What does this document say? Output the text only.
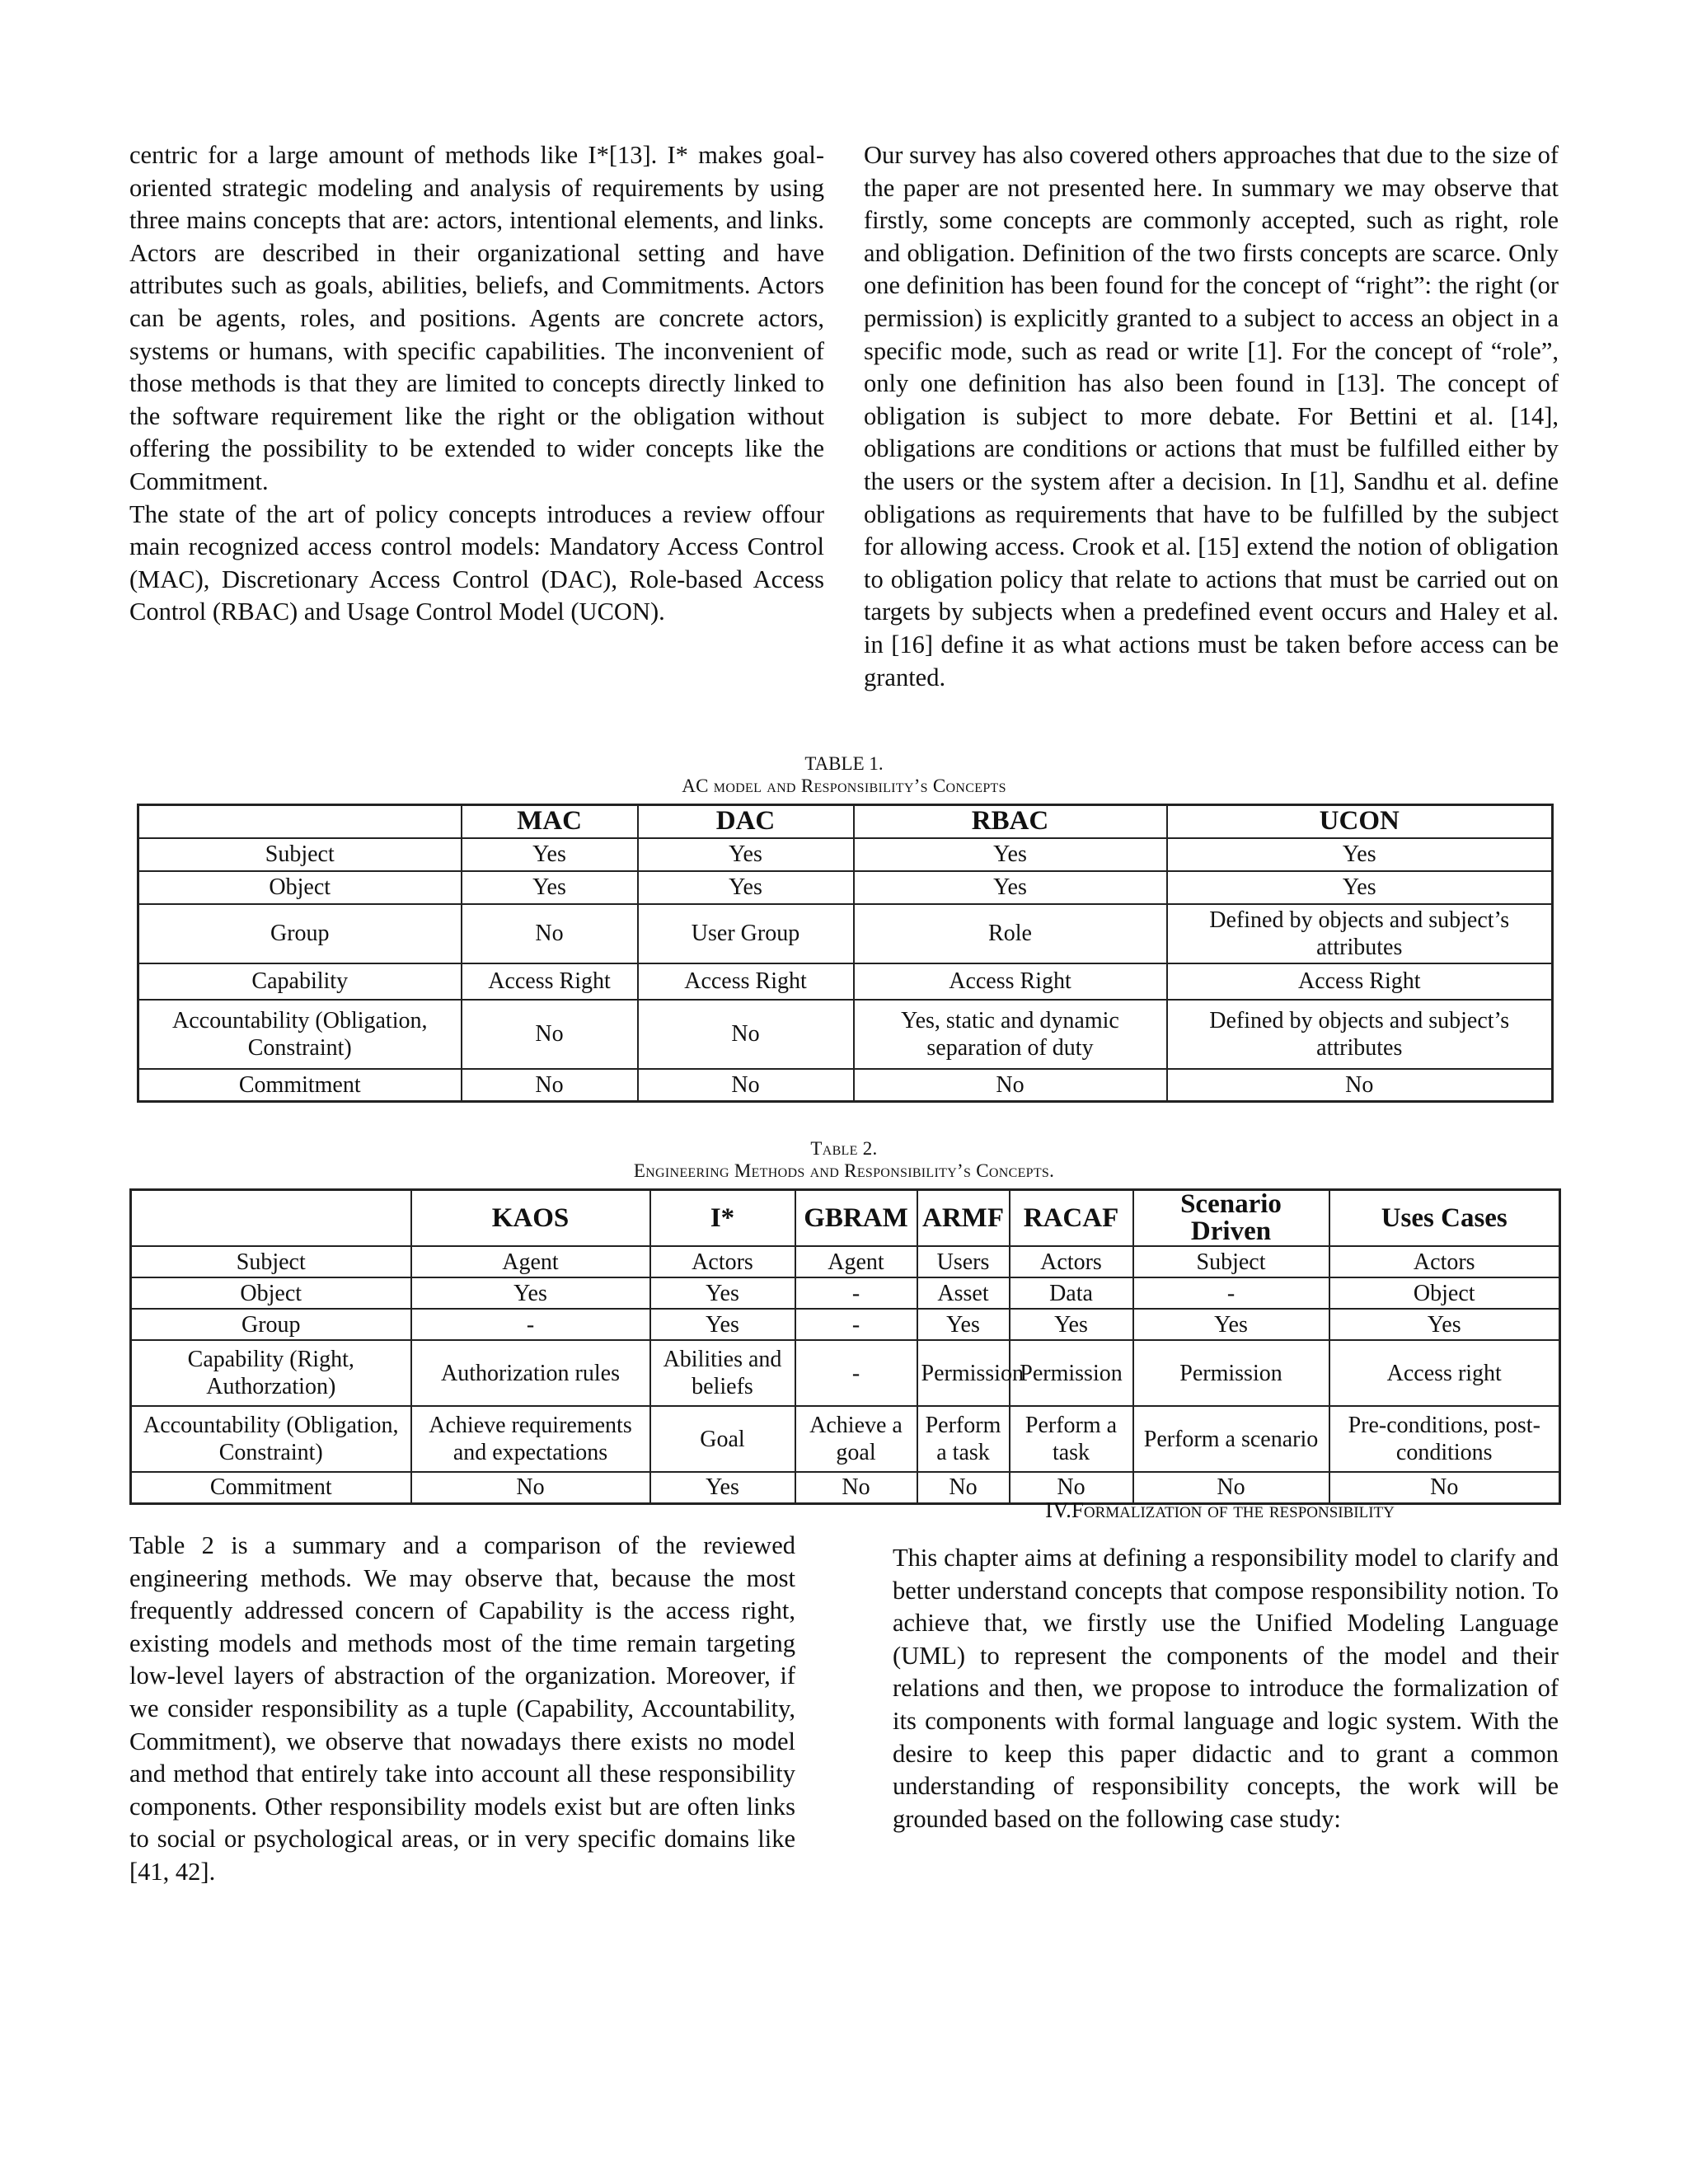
centric for a large amount of methods like I*[13]. I* makes goal-oriented strategic modeling and analysis of requirements by using three mains concepts that are: actors, intentional elements, and links. Actors are described in their organizational setting and have attributes such as goals, abilities, beliefs, and Commitments. Actors can be agents, roles, and positions. Agents are concrete actors, systems or humans, with specific capabilities. The inconvenient of those methods is that they are limited to concepts directly linked to the software requirement like the right or the obligation without offering the possibility to be extended to wider concepts like the Commitment.

The state of the art of policy concepts introduces a review offour main recognized access control models: Mandatory Access Control (MAC), Discretionary Access Control (DAC), Role-based Access Control (RBAC) and Usage Control Model (UCON).

Our survey has also covered others approaches that due to the size of the paper are not presented here. In summary we may observe that firstly, some concepts are commonly accepted, such as right, role and obligation. Definition of the two firsts concepts are scarce. Only one definition has been found for the concept of “right”: the right (or permission) is explicitly granted to a subject to access an object in a specific mode, such as read or write [1]. For the concept of “role”, only one definition has also been found in [13]. The concept of obligation is subject to more debate. For Bettini et al. [14], obligations are conditions or actions that must be fulfilled either by the users or the system after a decision. In [1], Sandhu et al. define obligations as requirements that have to be fulfilled by the subject for allowing access. Crook et al. [15] extend the notion of obligation to obligation policy that relate to actions that must be carried out on targets by subjects when a predefined event occurs and Haley et al. in [16] define it as what actions must be taken before access can be granted.

TABLE 1.
AC model and Responsibility’s Concepts
	MAC	DAC	RBAC	UCON
Subject	Yes	Yes	Yes	Yes
Object	Yes	Yes	Yes	Yes
Group	No	User Group	Role	Defined by objects and subject’s attributes
Capability	Access Right	Access Right	Access Right	Access Right
Accountability (Obligation, Constraint)	No	No	Yes, static and dynamic separation of duty	Defined by objects and subject’s attributes
Commitment	No	No	No	No
Table 2.
Engineering Methods and Responsibility’s Concepts.
	KAOS	I*	GBRAM	ARMF	RACAF	Scenario Driven	Uses Cases
Subject	Agent	Actors	Agent	Users	Actors	Subject	Actors
Object	Yes	Yes	-	Asset	Data	-	Object
Group	-	Yes	-	Yes	Yes	Yes	Yes
Capability (Right, Authorzation)	Authorization rules	Abilities and beliefs	-	Permission	Permission	Permission	Access right
Accountability (Obligation, Constraint)	Achieve requirements and expectations	Goal	Achieve a goal	Perform a task	Perform a task	Perform a scenario	Pre-conditions, post-conditions
Commitment	No	Yes	No	No	No	No	No
IV.Formalization of the responsibility

Table 2 is a summary and a comparison of the reviewed engineering methods. We may observe that, because the most frequently addressed concern of Capability is the access right, existing models and methods most of the time remain targeting low-level layers of abstraction of the organization. Moreover, if we consider responsibility as a tuple (Capability, Accountability, Commitment), we observe that nowadays there exists no model and method that entirely take into account all these responsibility components. Other responsibility models exist but are often links to social or psychological areas, or in very specific domains like [41, 42].

This chapter aims at defining a responsibility model to clarify and better understand concepts that compose responsibility notion. To achieve that, we firstly use the Unified Modeling Language (UML) to represent the components of the model and their relations and then, we propose to introduce the formalization of its components with formal language and logic system. With the desire to keep this paper didactic and to grant a common understanding of responsibility concepts, the work will be grounded based on the following case study:
